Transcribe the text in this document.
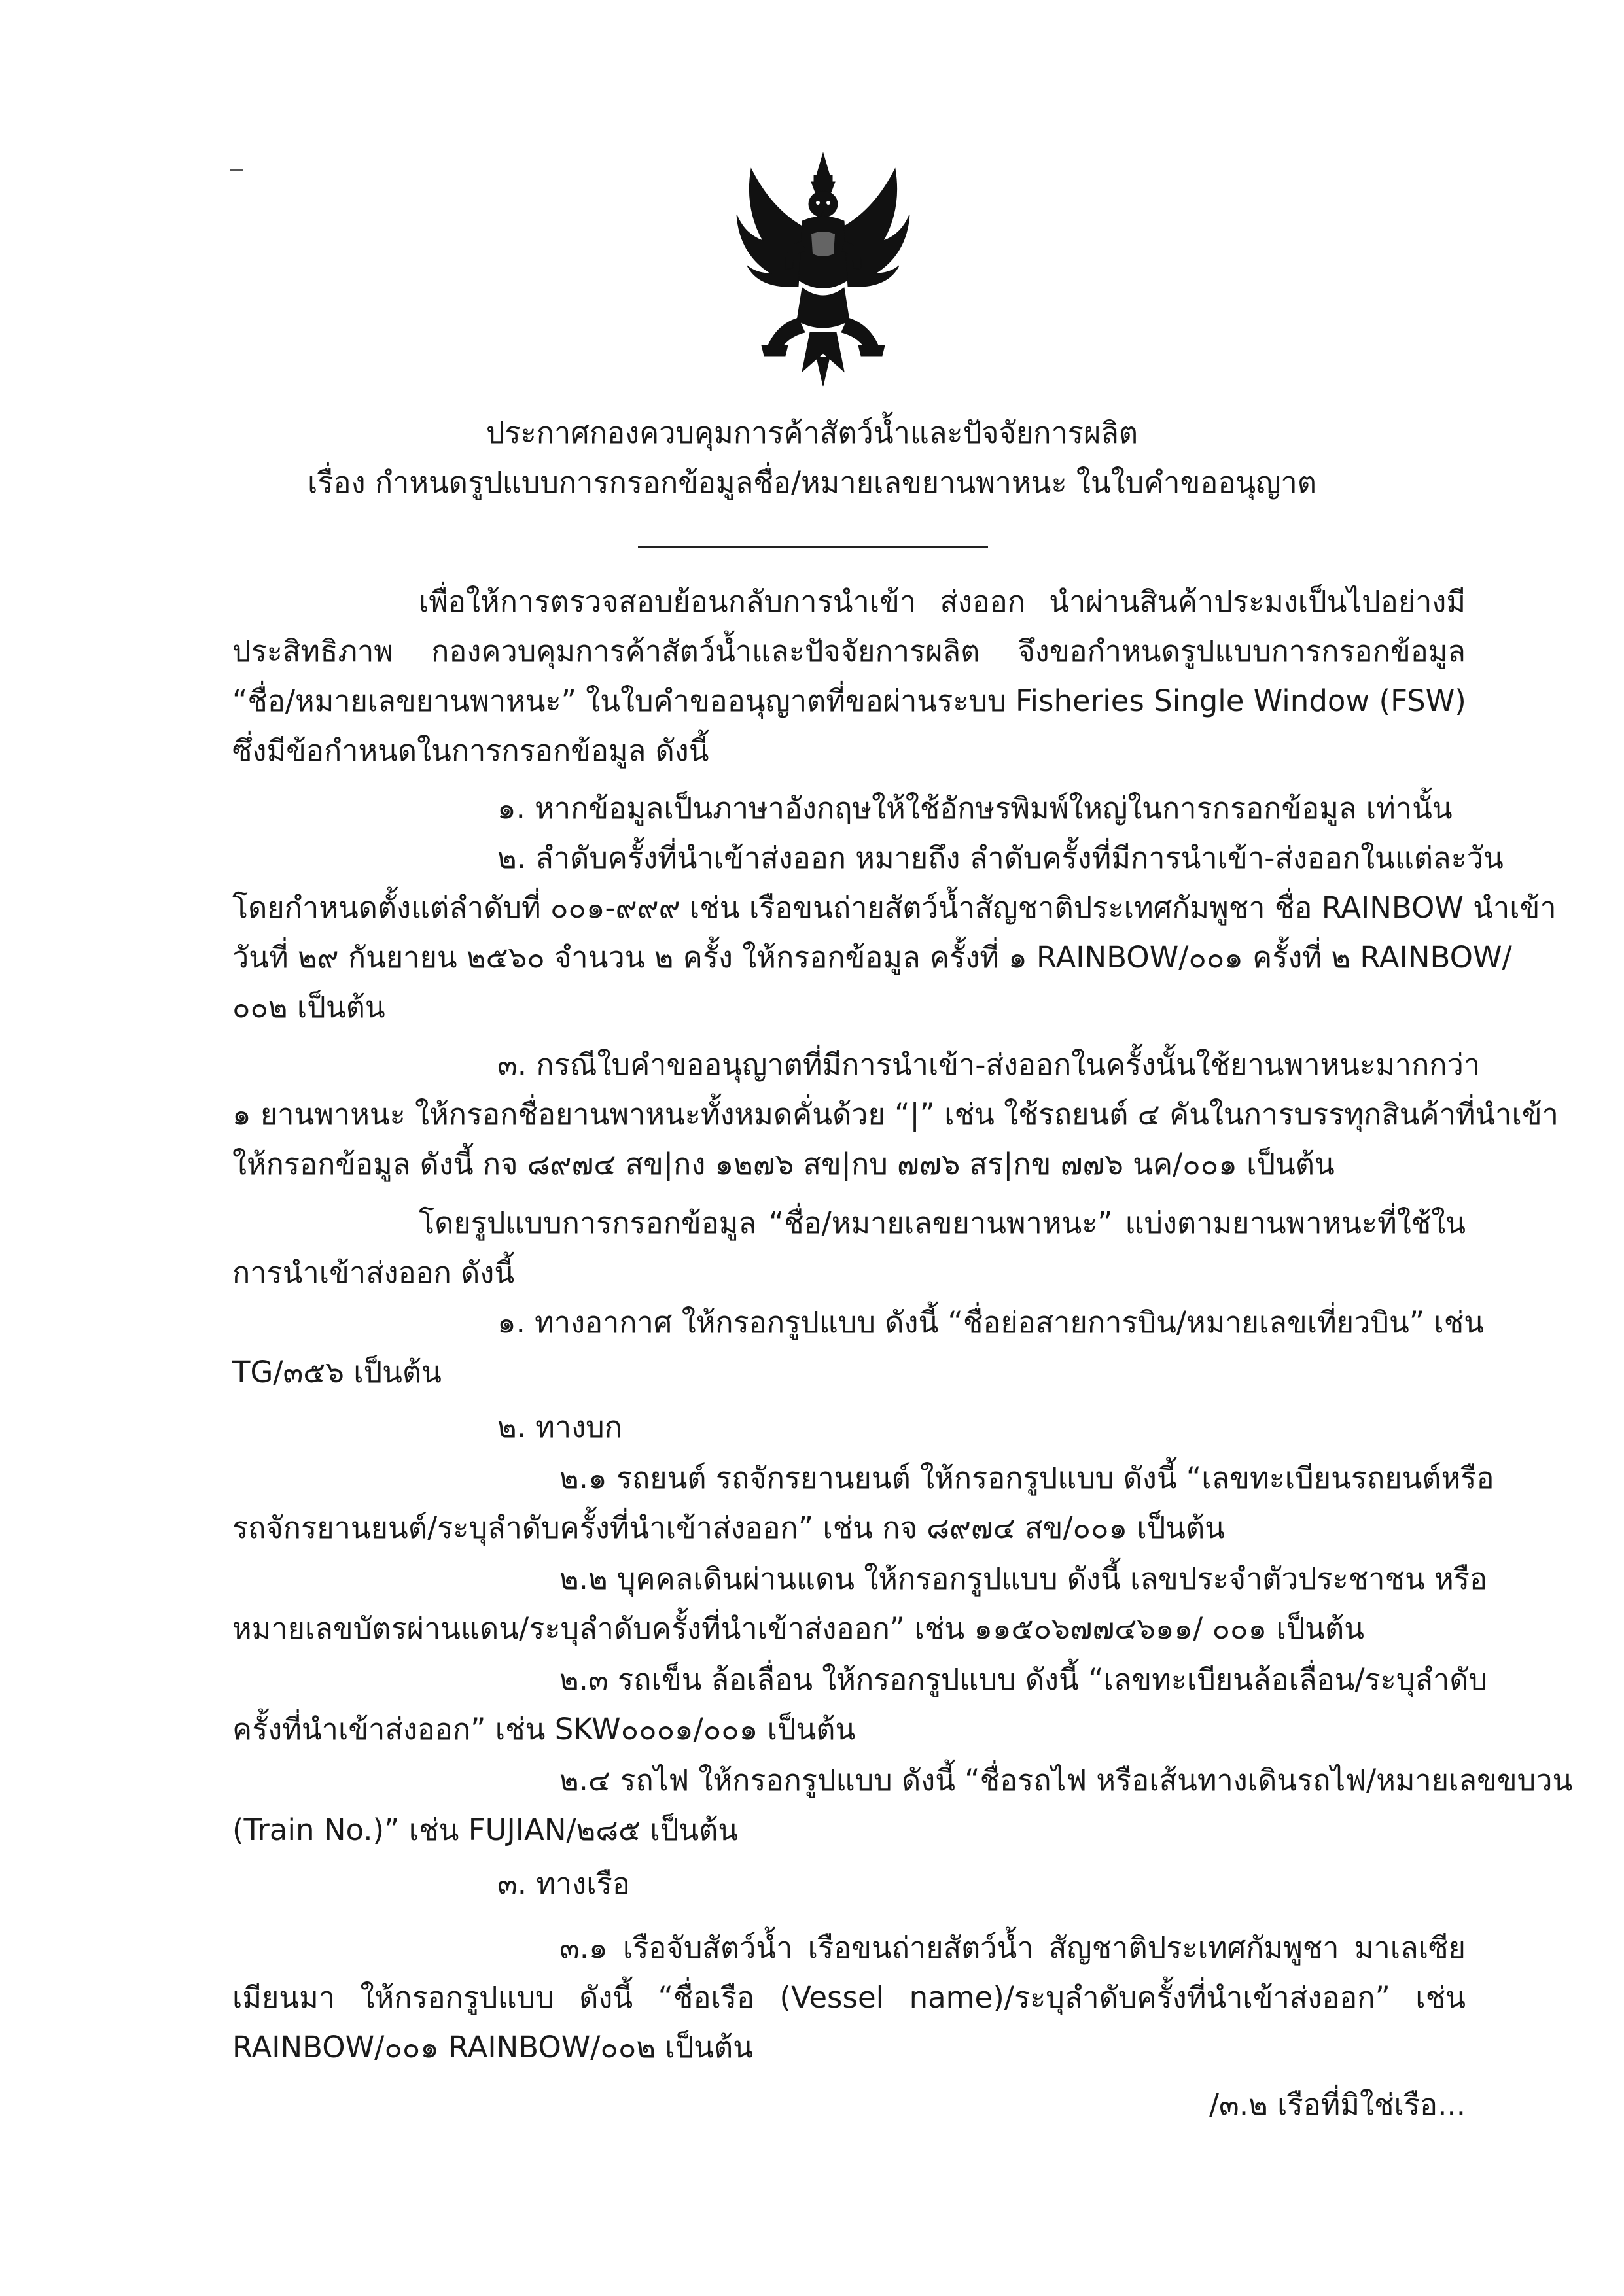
ประกาศกองควบคุมการค้าสัตว์น้ำและปัจจัยการผลิต
เรื่อง กำหนดรูปแบบการกรอกข้อมูลชื่อ/หมายเลขยานพาหนะ ในใบคำขออนุญาต
เพื่อให้การตรวจสอบย้อนกลับการนำเข้า ส่งออก นำผ่านสินค้าประมงเป็นไปอย่างมี
ประสิทธิภาพ กองควบคุมการค้าสัตว์น้ำและปัจจัยการผลิต จึงขอกำหนดรูปแบบการกรอกข้อมูล
“ชื่อ/หมายเลขยานพาหนะ” ในใบคำขออนุญาตที่ขอผ่านระบบ Fisheries Single Window (FSW)
ซึ่งมีข้อกำหนดในการกรอกข้อมูล ดังนี้
๑. หากข้อมูลเป็นภาษาอังกฤษให้ใช้อักษรพิมพ์ใหญ่ในการกรอกข้อมูล เท่านั้น
๒. ลำดับครั้งที่นำเข้าส่งออก หมายถึง ลำดับครั้งที่มีการนำเข้า-ส่งออกในแต่ละวัน
โดยกำหนดตั้งแต่ลำดับที่ ๐๐๑-๙๙๙ เช่น เรือขนถ่ายสัตว์น้ำสัญชาติประเทศกัมพูชา ชื่อ RAINBOW นำเข้า
วันที่ ๒๙ กันยายน ๒๕๖๐ จำนวน ๒ ครั้ง ให้กรอกข้อมูล ครั้งที่ ๑ RAINBOW/๐๐๑ ครั้งที่ ๒ RAINBOW/
๐๐๒ เป็นต้น
๓. กรณีใบคำขออนุญาตที่มีการนำเข้า-ส่งออกในครั้งนั้นใช้ยานพาหนะมากกว่า
๑ ยานพาหนะ ให้กรอกชื่อยานพาหนะทั้งหมดคั่นด้วย “|” เช่น ใช้รถยนต์ ๔ คันในการบรรทุกสินค้าที่นำเข้า
ให้กรอกข้อมูล ดังนี้ กจ ๘๙๗๔ สข|กง ๑๒๗๖ สข|กบ ๗๗๖ สร|กข ๗๗๖ นค/๐๐๑ เป็นต้น
โดยรูปแบบการกรอกข้อมูล “ชื่อ/หมายเลขยานพาหนะ” แบ่งตามยานพาหนะที่ใช้ใน
การนำเข้าส่งออก ดังนี้
๑. ทางอากาศ ให้กรอกรูปแบบ ดังนี้ “ชื่อย่อสายการบิน/หมายเลขเที่ยวบิน” เช่น
TG/๓๕๖ เป็นต้น
๒. ทางบก
๒.๑ รถยนต์ รถจักรยานยนต์ ให้กรอกรูปแบบ ดังนี้ “เลขทะเบียนรถยนต์หรือ
รถจักรยานยนต์/ระบุลำดับครั้งที่นำเข้าส่งออก” เช่น กจ ๘๙๗๔ สข/๐๐๑ เป็นต้น
๒.๒ บุคคลเดินผ่านแดน ให้กรอกรูปแบบ ดังนี้ เลขประจำตัวประชาชน หรือ
หมายเลขบัตรผ่านแดน/ระบุลำดับครั้งที่นำเข้าส่งออก” เช่น ๑๑๕๐๖๗๗๔๖๑๑/ ๐๐๑ เป็นต้น
๒.๓ รถเข็น ล้อเลื่อน ให้กรอกรูปแบบ ดังนี้ “เลขทะเบียนล้อเลื่อน/ระบุลำดับ
ครั้งที่นำเข้าส่งออก” เช่น SKW๐๐๐๑/๐๐๑ เป็นต้น
๒.๔ รถไฟ ให้กรอกรูปแบบ ดังนี้ “ชื่อรถไฟ หรือเส้นทางเดินรถไฟ/หมายเลขขบวน
(Train No.)” เช่น FUJIAN/๒๘๕ เป็นต้น
๓. ทางเรือ
๓.๑ เรือจับสัตว์น้ำ เรือขนถ่ายสัตว์น้ำ สัญชาติประเทศกัมพูชา มาเลเซีย
เมียนมา ให้กรอกรูปแบบ ดังนี้ “ชื่อเรือ (Vessel name)/ระบุลำดับครั้งที่นำเข้าส่งออก” เช่น
RAINBOW/๐๐๑ RAINBOW/๐๐๒ เป็นต้น
/๓.๒ เรือที่มิใช่เรือ...
